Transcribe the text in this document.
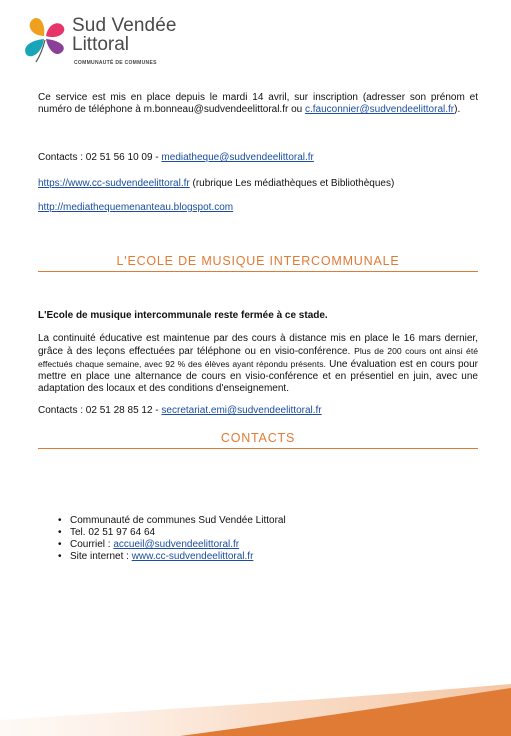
Sud Vendée
Littoral
COMMUNAUTÉ DE COMMUNES
Ce service est mis en place depuis le mardi 14 avril, sur inscription (adresser son prénom et numéro de téléphone à m.bonneau@sudvendeelittoral.fr ou c.fauconnier@sudvendeelittoral.fr).
Contacts : 02 51 56 10 09 - mediatheque@sudvendeelittoral.fr
https://www.cc-sudvendeelittoral.fr (rubrique Les médiathèques et Bibliothèques)
http://mediathequemenanteau.blogspot.com
L'ECOLE DE MUSIQUE INTERCOMMUNALE
L'Ecole de musique intercommunale reste fermée à ce stade.
La continuité éducative est maintenue par des cours à distance mis en place le 16 mars dernier, grâce à des leçons effectuées par téléphone ou en visio-conférence. Plus de 200 cours ont ainsi été effectués chaque semaine, avec 92 % des élèves ayant répondu présents. Une évaluation est en cours pour mettre en place une alternance de cours en visio-conférence et en présentiel en juin, avec une adaptation des locaux et des conditions d'enseignement.
Contacts : 02 51 28 85 12 - secretariat.emi@sudvendeelittoral.fr
CONTACTS
• Communauté de communes Sud Vendée Littoral
• Tel. 02 51 97 64 64
• Courriel : accueil@sudvendeelittoral.fr
• Site internet : www.cc-sudvendeelittoral.fr
